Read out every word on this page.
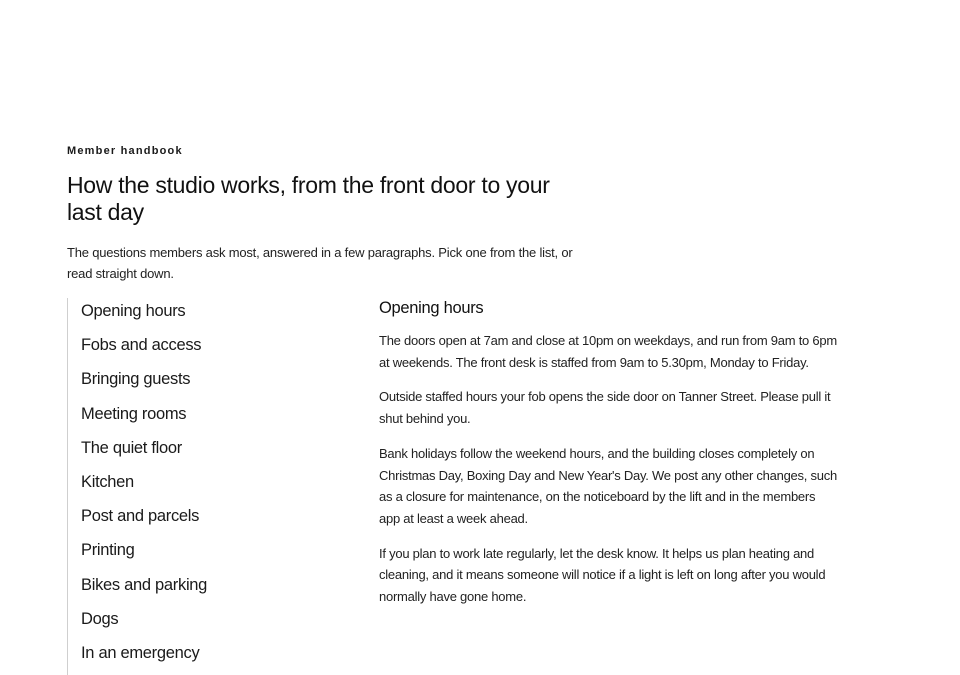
Member handbook
How the studio works, from the front door to your last day

The questions members ask most, answered in a few paragraphs. Pick one from the list, or read straight down.

Opening hours
Fobs and access
Bringing guests
Meeting rooms
The quiet floor
Kitchen
Post and parcels
Printing
Bikes and parking
Dogs
In an emergency
Opening hours

The doors open at 7am and close at 10pm on weekdays, and run from 9am to 6pm at weekends. The front desk is staffed from 9am to 5.30pm, Monday to Friday.

Outside staffed hours your fob opens the side door on Tanner Street. Please pull it shut behind you.

Bank holidays follow the weekend hours, and the building closes completely on Christmas Day, Boxing Day and New Year's Day. We post any other changes, such as a closure for maintenance, on the noticeboard by the lift and in the members app at least a week ahead.

If you plan to work late regularly, let the desk know. It helps us plan heating and cleaning, and it means someone will notice if a light is left on long after you would normally have gone home.
